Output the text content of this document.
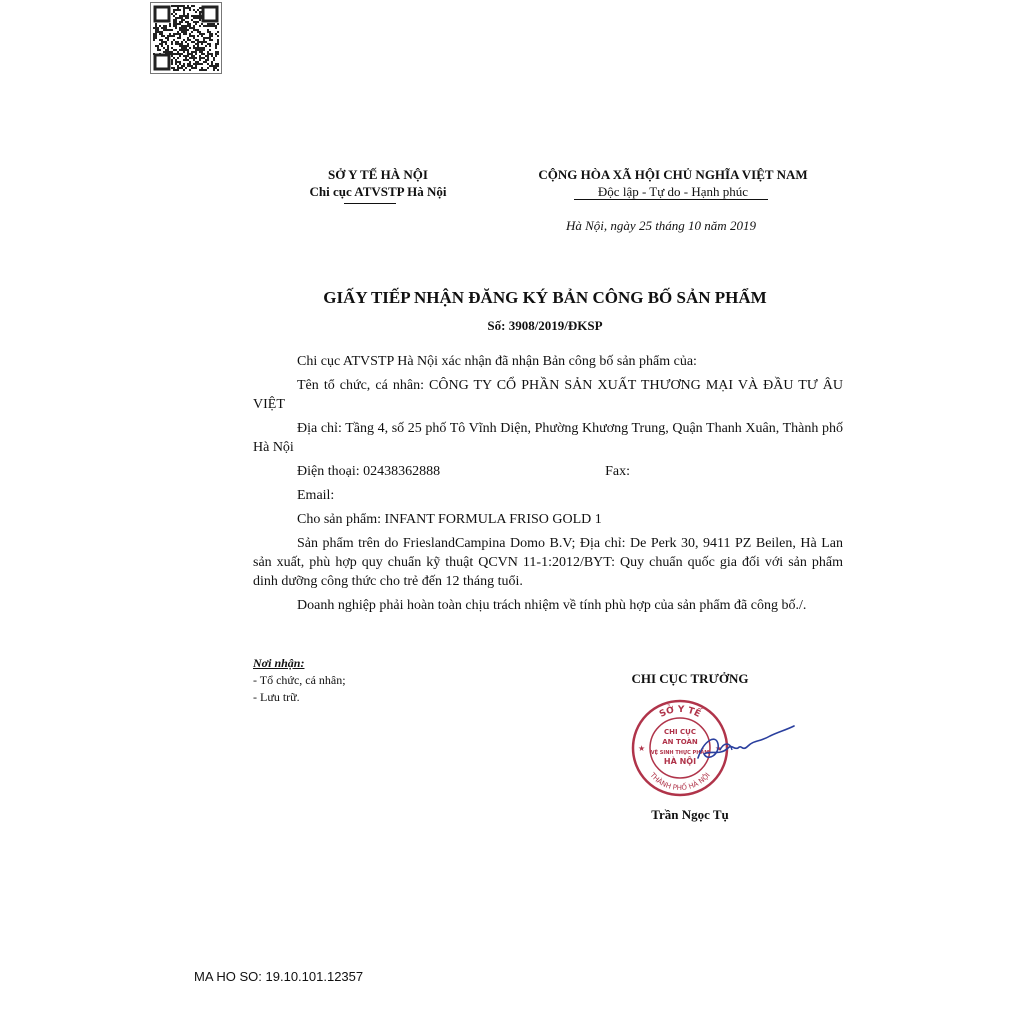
SỞ Y TẾ HÀ NỘI
Chi cục ATVSTP Hà Nội
CỘNG HÒA XÃ HỘI CHỦ NGHĨA VIỆT NAM
Độc lập - Tự do - Hạnh phúc
Hà Nội, ngày 25 tháng 10 năm 2019
GIẤY TIẾP NHẬN ĐĂNG KÝ BẢN CÔNG BỐ SẢN PHẨM
Số: 3908/2019/ĐKSP

Chi cục ATVSTP Hà Nội xác nhận đã nhận Bản công bố sản phẩm của:

Tên tổ chức, cá nhân: CÔNG TY CỔ PHẦN SẢN XUẤT THƯƠNG MẠI VÀ ĐẦU TƯ ÂU VIỆT

Địa chỉ: Tầng 4, số 25 phố Tô Vĩnh Diện, Phường Khương Trung, Quận Thanh Xuân, Thành phố Hà Nội

Điện thoại: 02438362888	Fax:

Email:

Cho sản phẩm: INFANT FORMULA FRISO GOLD 1

Sản phẩm trên do FrieslandCampina Domo B.V; Địa chỉ: De Perk 30, 9411 PZ Beilen, Hà Lan sản xuất, phù hợp quy chuẩn kỹ thuật QCVN 11-1:2012/BYT: Quy chuẩn quốc gia đối với sản phẩm dinh dưỡng công thức cho trẻ đến 12 tháng tuổi.

Doanh nghiệp phải hoàn toàn chịu trách nhiệm về tính phù hợp của sản phẩm đã công bố./.

Nơi nhận:
- Tổ chức, cá nhân;
- Lưu trữ.
CHI CỤC TRƯỞNG
SỞ Y TẾ
THÀNH PHỐ HÀ NỘI
CHI CỤC
AN TOÀN
VỆ SINH THỰC PHẨM
HÀ NỘI
★	★
Trần Ngọc Tụ
MA HO SO: 19.10.101.12357
